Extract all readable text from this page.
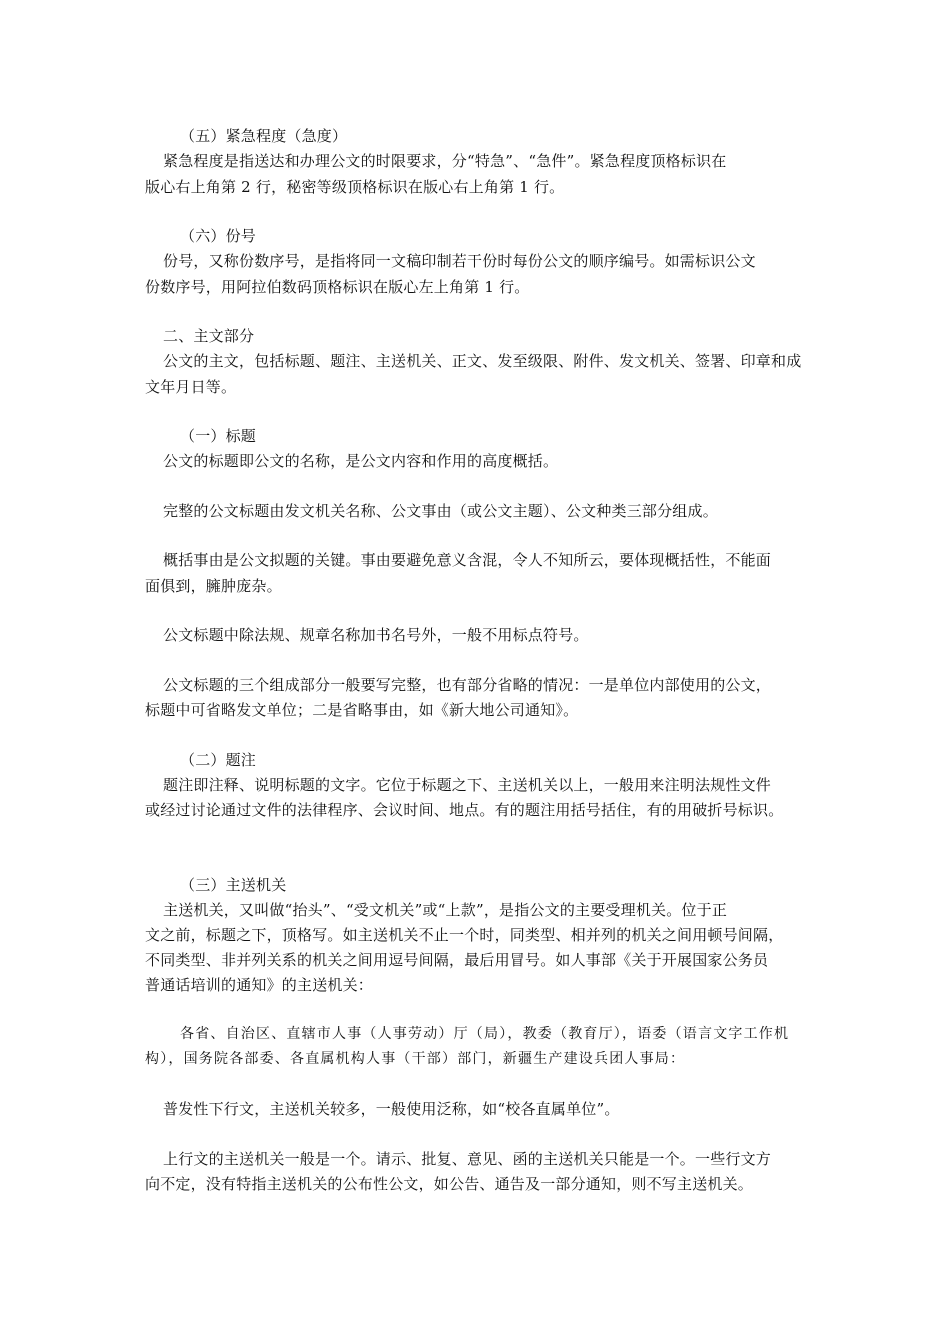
（五）紧急程度（急度）
紧急程度是指送达和办理公文的时限要求，分“特急”、“急件”。紧急程度顶格标识在
版心右上角第 2 行，秘密等级顶格标识在版心右上角第 1 行。
（六）份号
份号，又称份数序号，是指将同一文稿印制若干份时每份公文的顺序编号。如需标识公文
份数序号，用阿拉伯数码顶格标识在版心左上角第 1 行。
二、主文部分
公文的主文，包括标题、题注、主送机关、正文、发至级限、附件、发文机关、签署、印章和成
文年月日等。
（一）标题
公文的标题即公文的名称，是公文内容和作用的高度概括。
完整的公文标题由发文机关名称、公文事由（或公文主题）、公文种类三部分组成。
概括事由是公文拟题的关键。事由要避免意义含混，令人不知所云，要体现概括性，不能面
面俱到，臃肿庞杂。
公文标题中除法规、规章名称加书名号外，一般不用标点符号。
公文标题的三个组成部分一般要写完整，也有部分省略的情况：一是单位内部使用的公文，
标题中可省略发文单位；二是省略事由，如《新大地公司通知》。
（二）题注
题注即注释、说明标题的文字。它位于标题之下、主送机关以上，一般用来注明法规性文件
或经过讨论通过文件的法律程序、会议时间、地点。有的题注用括号括住，有的用破折号标识。
（三）主送机关
主送机关，又叫做“抬头”、“受文机关”或“上款”，是指公文的主要受理机关。位于正
文之前，标题之下，顶格写。如主送机关不止一个时，同类型、相并列的机关之间用顿号间隔，
不同类型、非并列关系的机关之间用逗号间隔，最后用冒号。如人事部《关于开展国家公务员
普通话培训的通知》的主送机关：
各省、自治区、直辖市人事（人事劳动）厅（局），教委（教育厅），语委（语言文字工作机
构），国务院各部委、各直属机构人事（干部）部门，新疆生产建设兵团人事局：
普发性下行文，主送机关较多，一般使用泛称，如“校各直属单位”。
上行文的主送机关一般是一个。请示、批复、意见、函的主送机关只能是一个。一些行文方
向不定，没有特指主送机关的公布性公文，如公告、通告及一部分通知，则不写主送机关。
